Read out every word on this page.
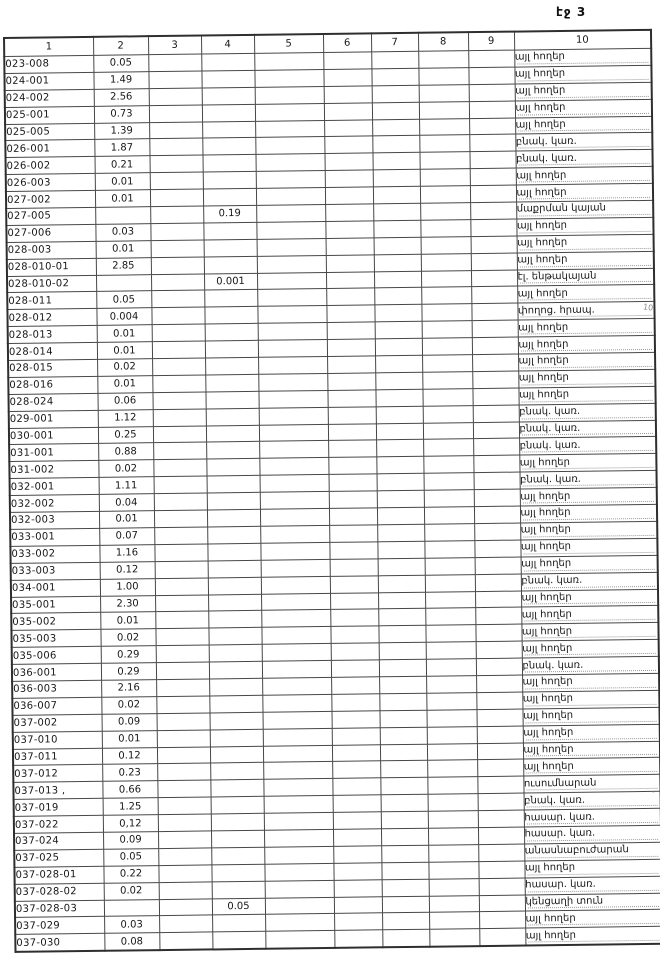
էջ 3
1	2	3	4	5	6	7	8	9	10
023-008	0.05								այլ հողեր
024-001	1.49								այլ հողեր
024-002	2.56								այլ հողեր
025-001	0.73								այլ հողեր
025-005	1.39								այլ հողեր
026-001	1.87								բնակ. կառ.
026-002	0.21								բնակ. կառ.
026-003	0.01								այլ հողեր
027-002	0.01								այլ հողեր
027-005			0.19						մաքրման կայան
027-006	0.03								այլ հողեր
028-003	0.01								այլ հողեր
028-010-01	2.85								այլ հողեր
028-010-02			0.001						էլ. ենթակայան
028-011	0.05								այլ հողեր
028-012	0.004								փողոց. հրապ.
028-013	0.01								այլ հողեր
028-014	0.01								այլ հողեր
028-015	0.02								այլ հողեր
028-016	0.01								այլ հողեր
028-024	0.06								այլ հողեր
029-001	1.12								բնակ. կառ.
030-001	0.25								բնակ. կառ.
031-001	0.88								բնակ. կառ.
031-002	0.02								այլ հողեր
032-001	1.11								բնակ. կառ.
032-002	0.04								այլ հողեր
032-003	0.01								այլ հողեր
033-001	0.07								այլ հողեր
033-002	1.16								այլ հողեր
033-003	0.12								այլ հողեր
034-001	1.00								բնակ. կառ.
035-001	2.30								այլ հողեր
035-002	0.01								այլ հողեր
035-003	0.02								այլ հողեր
035-006	0.29								այլ հողեր
036-001	0.29								բնակ. կառ.
036-003	2.16								այլ հողեր
036-007	0.02								այլ հողեր
037-002	0.09								այլ հողեր
037-010	0.01								այլ հողեր
037-011	0.12								այլ հողեր
037-012	0.23								այլ հողեր
037-013 ,	0.66								ուսումնարան
037-019	1.25								բնակ. կառ.
037-022	0,12								հասար. կառ.
037-024	0.09								հասար. կառ.
037-025	0.05								անասնաբուժարան
037-028-01	0.22								այլ հողեր
037-028-02	0.02								հասար. կառ.
037-028-03			0.05						կենցաղի տուն
037-029	0.03								այլ հողեր
037-030	0.08								այլ հողեր
10
՝
